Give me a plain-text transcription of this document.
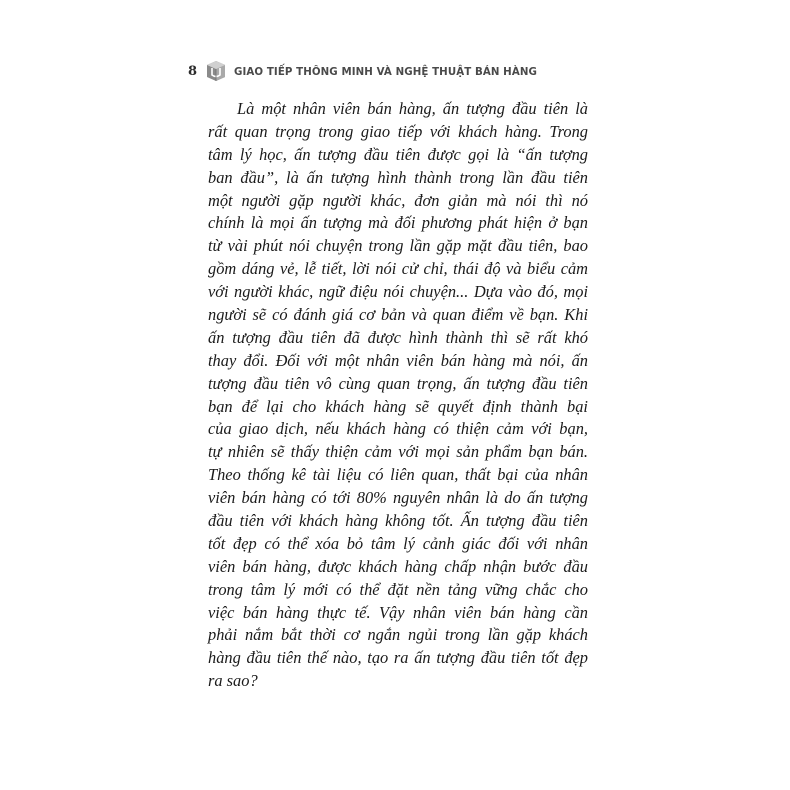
8	GIAO TIẾP THÔNG MINH VÀ NGHỆ THUẬT BÁN HÀNG
Là một nhân viên bán hàng, ấn tượng đầu tiên là
rất quan trọng trong giao tiếp với khách hàng. Trong
tâm lý học, ấn tượng đầu tiên được gọi là “ấn tượng
ban đầu”, là ấn tượng hình thành trong lần đầu tiên
một người gặp người khác, đơn giản mà nói thì nó
chính là mọi ấn tượng mà đối phương phát hiện ở bạn
từ vài phút nói chuyện trong lần gặp mặt đầu tiên, bao
gồm dáng vẻ, lễ tiết, lời nói cử chỉ, thái độ và biểu cảm
với người khác, ngữ điệu nói chuyện... Dựa vào đó, mọi
người sẽ có đánh giá cơ bản và quan điểm về bạn. Khi
ấn tượng đầu tiên đã được hình thành thì sẽ rất khó
thay đổi. Đối với một nhân viên bán hàng mà nói, ấn
tượng đầu tiên vô cùng quan trọng, ấn tượng đầu tiên
bạn để lại cho khách hàng sẽ quyết định thành bại
của giao dịch, nếu khách hàng có thiện cảm với bạn,
tự nhiên sẽ thấy thiện cảm với mọi sản phẩm bạn bán.
Theo thống kê tài liệu có liên quan, thất bại của nhân
viên bán hàng có tới 80% nguyên nhân là do ấn tượng
đầu tiên với khách hàng không tốt. Ấn tượng đầu tiên
tốt đẹp có thể xóa bỏ tâm lý cảnh giác đối với nhân
viên bán hàng, được khách hàng chấp nhận bước đầu
trong tâm lý mới có thể đặt nền tảng vững chắc cho
việc bán hàng thực tế. Vậy nhân viên bán hàng cần
phải nắm bắt thời cơ ngắn ngủi trong lần gặp khách
hàng đầu tiên thế nào, tạo ra ấn tượng đầu tiên tốt đẹp
ra sao?
